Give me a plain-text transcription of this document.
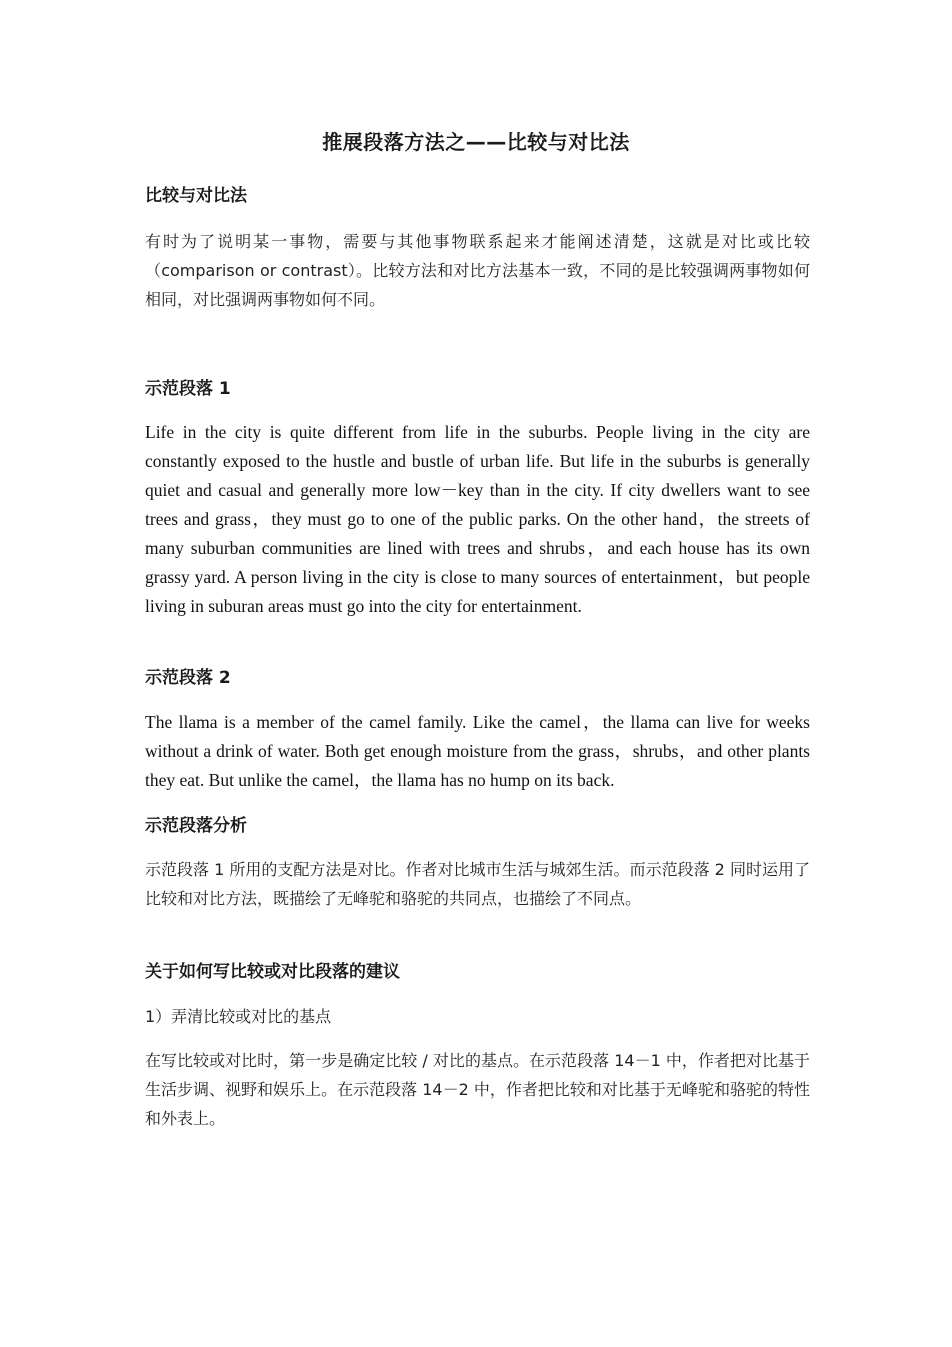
推展段落方法之——比较与对比法
比较与对比法

有时为了说明某一事物，需要与其他事物联系起来才能阐述清楚，这就是对比或比较（comparison or contrast）。比较方法和对比方法基本一致，不同的是比较强调两事物如何相同，对比强调两事物如何不同。

示范段落 1

Life in the city is quite different from life in the suburbs. People living in the city are constantly exposed to the hustle and bustle of urban life. But life in the suburbs is generally quiet and casual and generally more low－key than in the city. If city dwellers want to see trees and grass，they must go to one of the public parks. On the other hand，the streets of many suburban communities are lined with trees and shrubs，and each house has its own grassy yard. A person living in the city is close to many sources of entertainment，but people living in suburan areas must go into the city for entertainment.

示范段落 2

The llama is a member of the camel family. Like the camel，the llama can live for weeks without a drink of water. Both get enough moisture from the grass，shrubs，and other plants they eat. But unlike the camel，the llama has no hump on its back.

示范段落分析

示范段落 1 所用的支配方法是对比。作者对比城市生活与城郊生活。而示范段落 2 同时运用了比较和对比方法，既描绘了无峰驼和骆驼的共同点，也描绘了不同点。

关于如何写比较或对比段落的建议

1）弄清比较或对比的基点

在写比较或对比时，第一步是确定比较 / 对比的基点。在示范段落 14－1 中，作者把对比基于生活步调、视野和娱乐上。在示范段落 14－2 中，作者把比较和对比基于无峰驼和骆驼的特性和外表上。
